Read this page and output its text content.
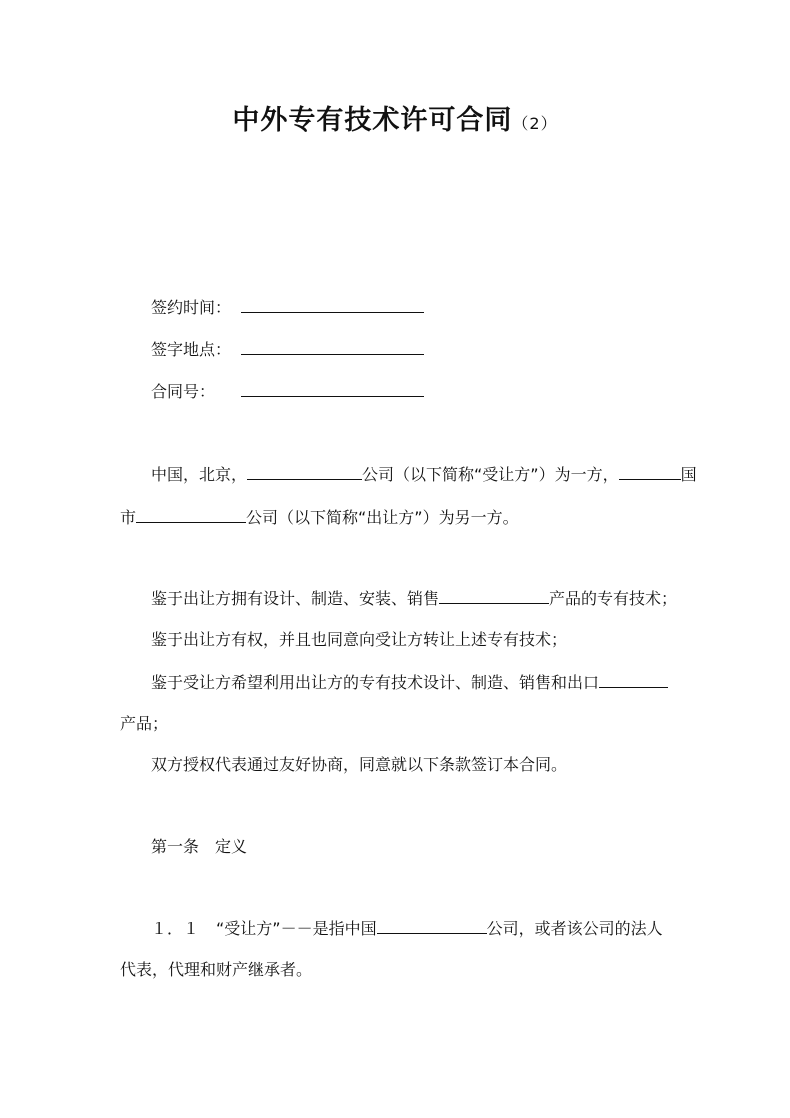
中外专有技术许可合同（2）
签约时间：
签字地点：
合同号：
中国，北京，	公司（以下简称“受让方”）为一方，	国
市	公司（以下简称“出让方”）为另一方。
鉴于出让方拥有设计、制造、安装、销售	产品的专有技术；
鉴于出让方有权，并且也同意向受让方转让上述专有技术；
鉴于受让方希望利用出让方的专有技术设计、制造、销售和出口
产品；
双方授权代表通过友好协商，同意就以下条款签订本合同。
第一条　定义
１．１ “受让方”－－是指中国	公司，或者该公司的法人
代表，代理和财产继承者。
